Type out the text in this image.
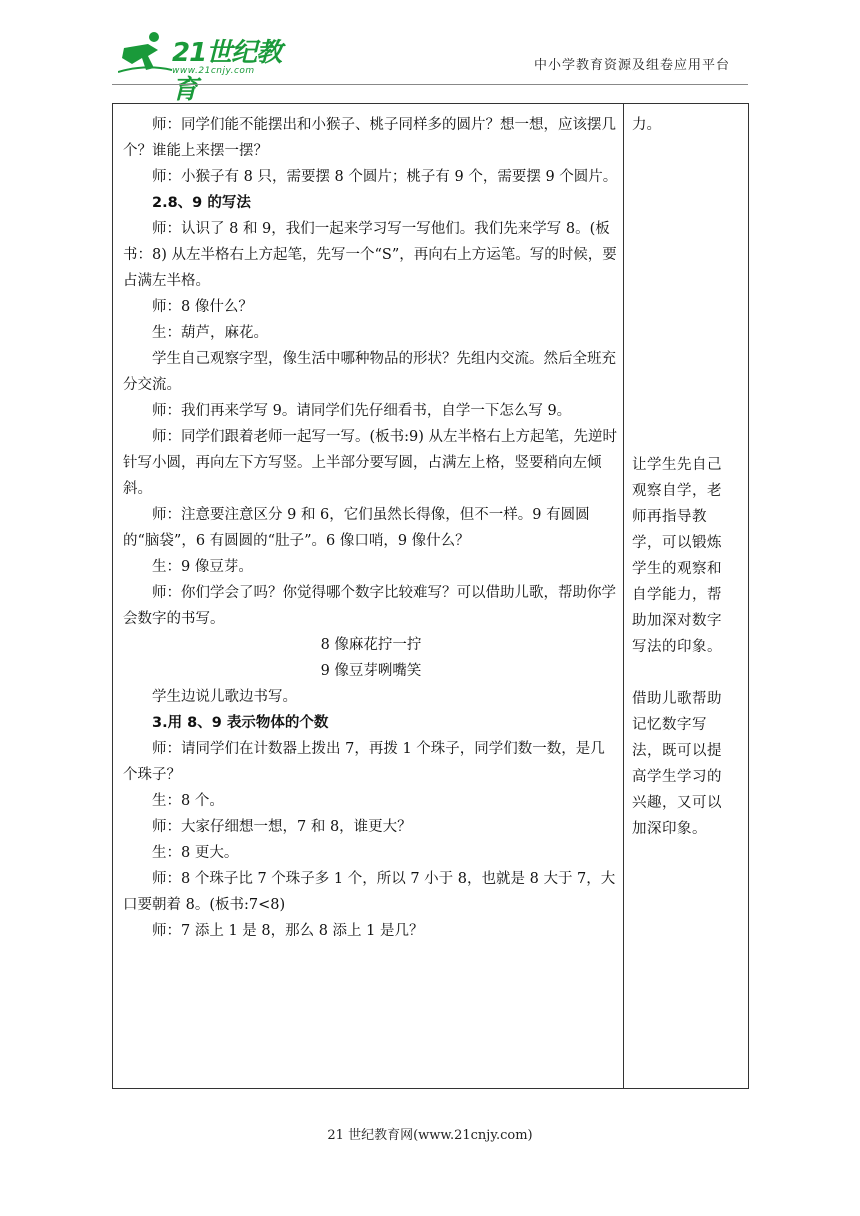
21世纪教育
www.21cnjy.com	中小学教育资源及组卷应用平台

师：同学们能不能摆出和小猴子、桃子同样多的圆片？想一想，应该摆几个？谁能上来摆一摆？

师：小猴子有 8 只，需要摆 8 个圆片；桃子有 9 个，需要摆 9 个圆片。

2.8、9 的写法

师：认识了 8 和 9，我们一起来学习写一写他们。我们先来学写 8。(板书：8) 从左半格右上方起笔，先写一个“S”，再向右上方运笔。写的时候，要占满左半格。

师：8 像什么？

生：葫芦，麻花。

学生自己观察字型，像生活中哪种物品的形状？先组内交流。然后全班充分交流。

师：我们再来学写 9。请同学们先仔细看书，自学一下怎么写 9。

师：同学们跟着老师一起写一写。(板书:9) 从左半格右上方起笔，先逆时针写小圆，再向左下方写竖。上半部分要写圆，占满左上格，竖要稍向左倾斜。

师：注意要注意区分 9 和 6，它们虽然长得像，但不一样。9 有圆圆的“脑袋”，6 有圆圆的“肚子”。6 像口哨，9 像什么？

生：9 像豆芽。

师：你们学会了吗？你觉得哪个数字比较难写？可以借助儿歌，帮助你学会数字的书写。

8 像麻花拧一拧

9 像豆芽咧嘴笑

学生边说儿歌边书写。

3.用 8、9 表示物体的个数

师：请同学们在计数器上拨出 7，再拨 1 个珠子，同学们数一数，是几个珠子？

生：8 个。

师：大家仔细想一想，7 和 8，谁更大？

生：8 更大。

师：8 个珠子比 7 个珠子多 1 个，所以 7 小于 8，也就是 8 大于 7，大口要朝着 8。(板书:7<8)

师：7 添上 1 是 8，那么 8 添上 1 是几？

力。

让学生先自己

观察自学，老

师再指导教

学，可以锻炼

学生的观察和

自学能力，帮

助加深对数字

写法的印象。

借助儿歌帮助

记忆数字写

法，既可以提

高学生学习的

兴趣，又可以

加深印象。

21 世纪教育网(www.21cnjy.com)
